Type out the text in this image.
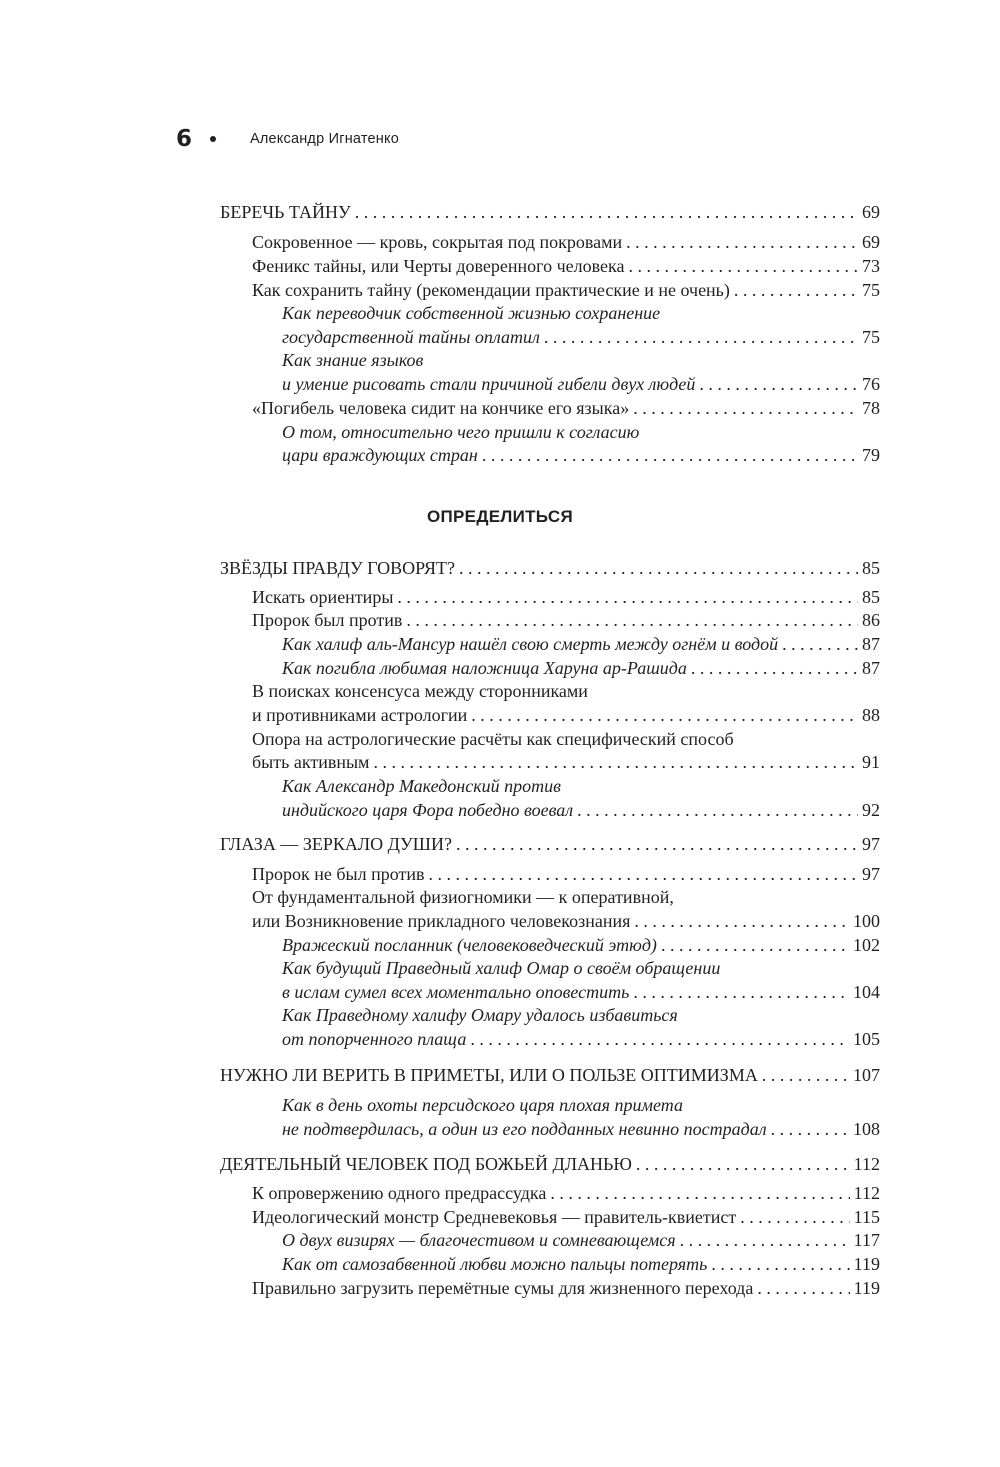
6	Александр Игнатенко
БЕРЕЧЬ ТАЙНУ . . .	69
Сокровенное — кровь, сокрытая под покровами . . .	69
Феникс тайны, или Черты доверенного человека . . .	73
Как сохранить тайну (рекомендации практические и не очень) . . .	75
Как переводчик собственной жизнью сохранение
государственной тайны оплатил . . .	75
Как знание языков
и умение рисовать стали причиной гибели двух людей . . .	76
«Погибель человека сидит на кончике его языка» . . .	78
О том, относительно чего пришли к согласию
цари враждующих стран . . .	79
ОПРЕДЕЛИТЬСЯ
ЗВЁЗДЫ ПРАВДУ ГОВОРЯТ? . . .	85
Искать ориентиры . . .	85
Пророк был против . . .	86
Как халиф аль-Мансур нашёл свою смерть между огнём и водой . . .	87
Как погибла любимая наложница Харуна ар-Рашида . . .	87
В поисках консенсуса между сторонниками
и противниками астрологии . . .	88
Опора на астрологические расчёты как специфический способ
быть активным . . .	91
Как Александр Македонский против
индийского царя Фора победно воевал . . .	92
ГЛАЗА — ЗЕРКАЛО ДУШИ? . . .	97
Пророк не был против . . .	97
От фундаментальной физиогномики — к оперативной,
или Возникновение прикладного человекознания . . .	100
Вражеский посланник (человековедческий этюд) . . .	102
Как будущий Праведный халиф Омар о своём обращении
в ислам сумел всех моментально оповестить . . .	104
Как Праведному халифу Омару удалось избавиться
от попорченного плаща . . .	105
НУЖНО ЛИ ВЕРИТЬ В ПРИМЕТЫ, ИЛИ О ПОЛЬЗЕ ОПТИМИЗМА . . .	107
Как в день охоты персидского царя плохая примета
не подтвердилась, а один из его подданных невинно пострадал . . .	108
ДЕЯТЕЛЬНЫЙ ЧЕЛОВЕК ПОД БОЖЬЕЙ ДЛАНЬЮ . . .	112
К опровержению одного предрассудка . . .	112
Идеологический монстр Средневековья — правитель-квиетист . . .	115
О двух визирях — благочестивом и сомневающемся . . .	117
Как от самозабвенной любви можно пальцы потерять . . .	119
Правильно загрузить перемётные сумы для жизненного перехода . . .	119
